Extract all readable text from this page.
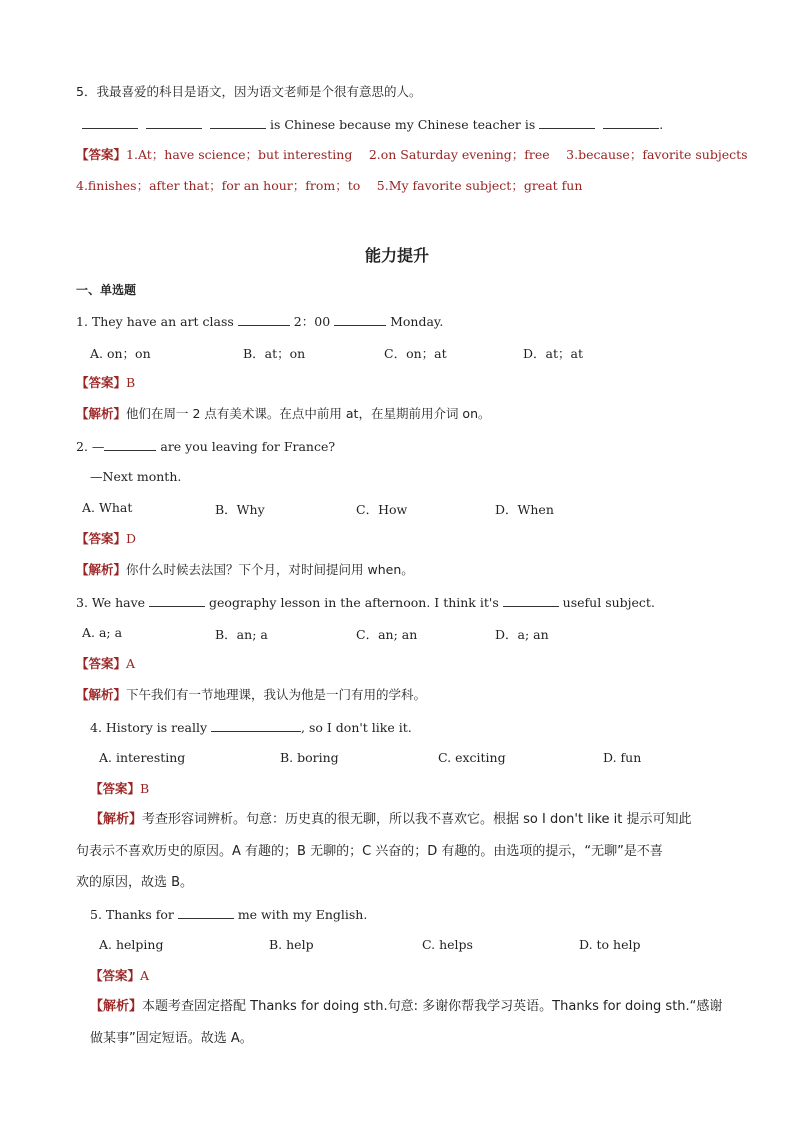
5．我最喜爱的科目是语文，因为语文老师是个很有意思的人。
is Chinese because my Chinese teacher is	.
【答案】1.At；have science；but interesting　 2.on Saturday evening；free　 3.because；favorite subjects
4.finishes；after that；for an hour；from；to　 5.My favorite subject；great fun
能力提升
一、单选题
1. They have an art class	2：00	Monday.
A. on；on	B．at；on	C．on；at	D．at；at
【答案】B
【解析】他们在周一 2 点有美术课。在点中前用 at，在星期前用介词 on。
2. —	are you leaving for France?
—Next month.
A. What	B．Why	C．How	D．When
【答案】D
【解析】你什么时候去法国？下个月，对时间提问用 when。
3. We have	geography lesson in the afternoon. I think it's	useful subject.
A. a; a	B．an; a	C．an; an	D．a; an
【答案】A
【解析】下午我们有一节地理课，我认为他是一门有用的学科。
4. History is really	, so I don't like it.
A. interesting	B. boring	C. exciting	D. fun
【答案】B
【解析】考查形容词辨析。句意：历史真的很无聊，所以我不喜欢它。根据 so I don't like it 提示可知此
句表示不喜欢历史的原因。A 有趣的；B 无聊的；C 兴奋的；D 有趣的。由选项的提示，“无聊”是不喜
欢的原因，故选 B。
5. Thanks for	me with my English.
A. helping	B. help	C. helps	D. to help
【答案】A
【解析】本题考查固定搭配 Thanks for doing sth.句意: 多谢你帮我学习英语。Thanks for doing sth.“感谢
做某事”固定短语。故选 A。
